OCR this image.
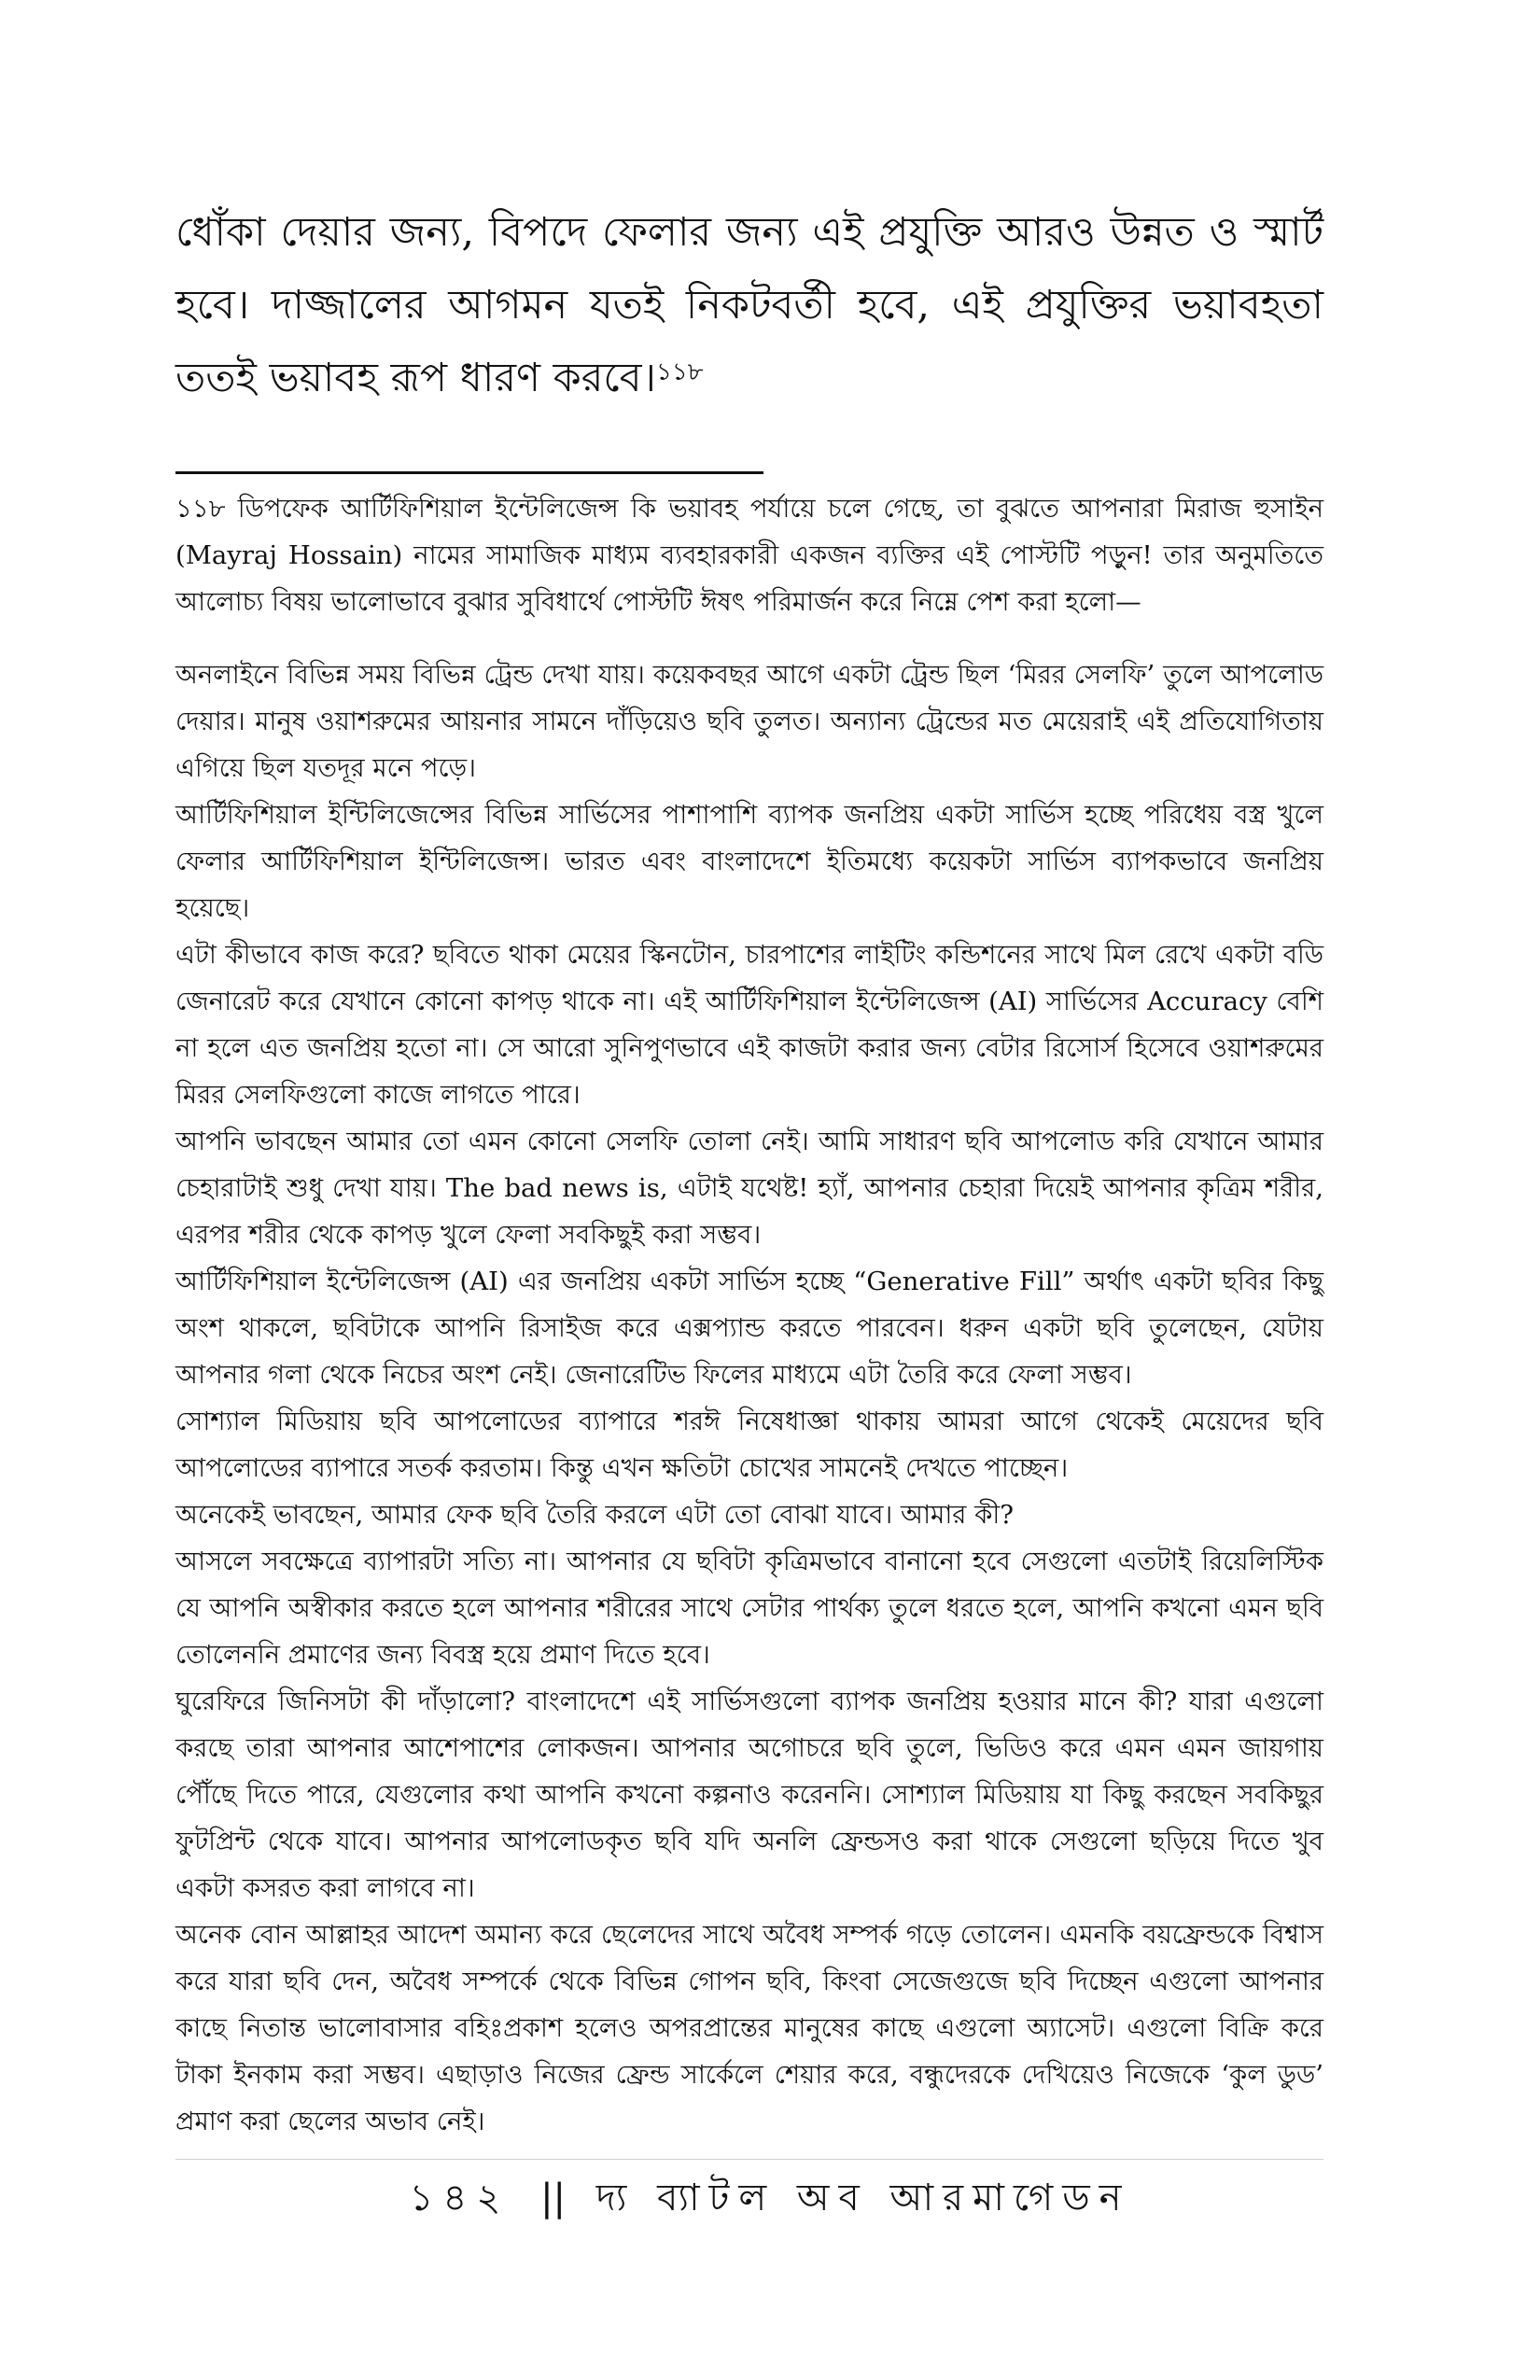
ধোঁকা দেয়ার জন্য, বিপদে ফেলার জন্য এই প্রযুক্তি আরও উন্নত ও স্মার্ট হবে। দাজ্জালের আগমন যতই নিকটবর্তী হবে, এই প্রযুক্তির ভয়াবহতা ততই ভয়াবহ রূপ ধারণ করবে।$^{১১৮}$

১১৮ ডিপফেক আর্টিফিশিয়াল ইন্টেলিজেন্স কি ভয়াবহ পর্যায়ে চলে গেছে, তা বুঝতে আপনারা মিরাজ হুসাইন (Mayraj Hossain) নামের সামাজিক মাধ্যম ব্যবহারকারী একজন ব্যক্তির এই পোস্টটি পড়ুন! তার অনুমতিতে আলোচ্য বিষয় ভালোভাবে বুঝার সুবিধার্থে পোস্টটি ঈষৎ পরিমার্জন করে নিম্নে পেশ করা হলো—

অনলাইনে বিভিন্ন সময় বিভিন্ন ট্রেন্ড দেখা যায়। কয়েকবছর আগে একটা ট্রেন্ড ছিল ‘মিরর সেলফি’ তুলে আপলোড দেয়ার। মানুষ ওয়াশরুমের আয়নার সামনে দাঁড়িয়েও ছবি তুলত। অন্যান্য ট্রেন্ডের মত মেয়েরাই এই প্রতিযোগিতায় এগিয়ে ছিল যতদূর মনে পড়ে।

আর্টিফিশিয়াল ইন্টিলিজেন্সের বিভিন্ন সার্ভিসের পাশাপাশি ব্যাপক জনপ্রিয় একটা সার্ভিস হচ্ছে পরিধেয় বস্ত্র খুলে ফেলার আর্টিফিশিয়াল ইন্টিলিজেন্স। ভারত এবং বাংলাদেশে ইতিমধ্যে কয়েকটা সার্ভিস ব্যাপকভাবে জনপ্রিয় হয়েছে।

এটা কীভাবে কাজ করে? ছবিতে থাকা মেয়ের স্কিনটোন, চারপাশের লাইটিং কন্ডিশনের সাথে মিল রেখে একটা বডি জেনারেট করে যেখানে কোনো কাপড় থাকে না। এই আর্টিফিশিয়াল ইন্টেলিজেন্স (AI) সার্ভিসের Accuracy বেশি না হলে এত জনপ্রিয় হতো না। সে আরো সুনিপুণভাবে এই কাজটা করার জন্য বেটার রিসোর্স হিসেবে ওয়াশরুমের মিরর সেলফিগুলো কাজে লাগতে পারে।

আপনি ভাবছেন আমার তো এমন কোনো সেলফি তোলা নেই। আমি সাধারণ ছবি আপলোড করি যেখানে আমার চেহারাটাই শুধু দেখা যায়। The bad news is, এটাই যথেষ্ট! হ্যাঁ, আপনার চেহারা দিয়েই আপনার কৃত্রিম শরীর, এরপর শরীর থেকে কাপড় খুলে ফেলা সবকিছুই করা সম্ভব।

আর্টিফিশিয়াল ইন্টেলিজেন্স (AI) এর জনপ্রিয় একটা সার্ভিস হচ্ছে “Generative Fill” অর্থাৎ একটা ছবির কিছু অংশ থাকলে, ছবিটাকে আপনি রিসাইজ করে এক্সপ্যান্ড করতে পারবেন। ধরুন একটা ছবি তুলেছেন, যেটায় আপনার গলা থেকে নিচের অংশ নেই। জেনারেটিভ ফিলের মাধ্যমে এটা তৈরি করে ফেলা সম্ভব।

সোশ্যাল মিডিয়ায় ছবি আপলোডের ব্যাপারে শরঈ নিষেধাজ্ঞা থাকায় আমরা আগে থেকেই মেয়েদের ছবি আপলোডের ব্যাপারে সতর্ক করতাম। কিন্তু এখন ক্ষতিটা চোখের সামনেই দেখতে পাচ্ছেন।

অনেকেই ভাবছেন, আমার ফেক ছবি তৈরি করলে এটা তো বোঝা যাবে। আমার কী?

আসলে সবক্ষেত্রে ব্যাপারটা সত্যি না। আপনার যে ছবিটা কৃত্রিমভাবে বানানো হবে সেগুলো এতটাই রিয়েলিস্টিক যে আপনি অস্বীকার করতে হলে আপনার শরীরের সাথে সেটার পার্থক্য তুলে ধরতে হলে, আপনি কখনো এমন ছবি তোলেননি প্রমাণের জন্য বিবস্ত্র হয়ে প্রমাণ দিতে হবে।

ঘুরেফিরে জিনিসটা কী দাঁড়ালো? বাংলাদেশে এই সার্ভিসগুলো ব্যাপক জনপ্রিয় হওয়ার মানে কী? যারা এগুলো করছে তারা আপনার আশেপাশের লোকজন। আপনার অগোচরে ছবি তুলে, ভিডিও করে এমন এমন জায়গায় পৌঁছে দিতে পারে, যেগুলোর কথা আপনি কখনো কল্পনাও করেননি। সোশ্যাল মিডিয়ায় যা কিছু করছেন সবকিছুর ফুটপ্রিন্ট থেকে যাবে। আপনার আপলোডকৃত ছবি যদি অনলি ফ্রেন্ডসও করা থাকে সেগুলো ছড়িয়ে দিতে খুব একটা কসরত করা লাগবে না।

অনেক বোন আল্লাহর আদেশ অমান্য করে ছেলেদের সাথে অবৈধ সম্পর্ক গড়ে তোলেন। এমনকি বয়ফ্রেন্ডকে বিশ্বাস করে যারা ছবি দেন, অবৈধ সম্পর্কে থেকে বিভিন্ন গোপন ছবি, কিংবা সেজেগুজে ছবি দিচ্ছেন এগুলো আপনার কাছে নিতান্ত ভালোবাসার বহিঃপ্রকাশ হলেও অপরপ্রান্তের মানুষের কাছে এগুলো অ্যাসেট। এগুলো বিক্রি করে টাকা ইনকাম করা সম্ভব। এছাড়াও নিজের ফ্রেন্ড সার্কেলে শেয়ার করে, বন্ধুদেরকে দেখিয়েও নিজেকে ‘কুল ডুড’ প্রমাণ করা ছেলের অভাব নেই।

১৪২ || দ্য ব্যাটল অব আরমাগেডন
